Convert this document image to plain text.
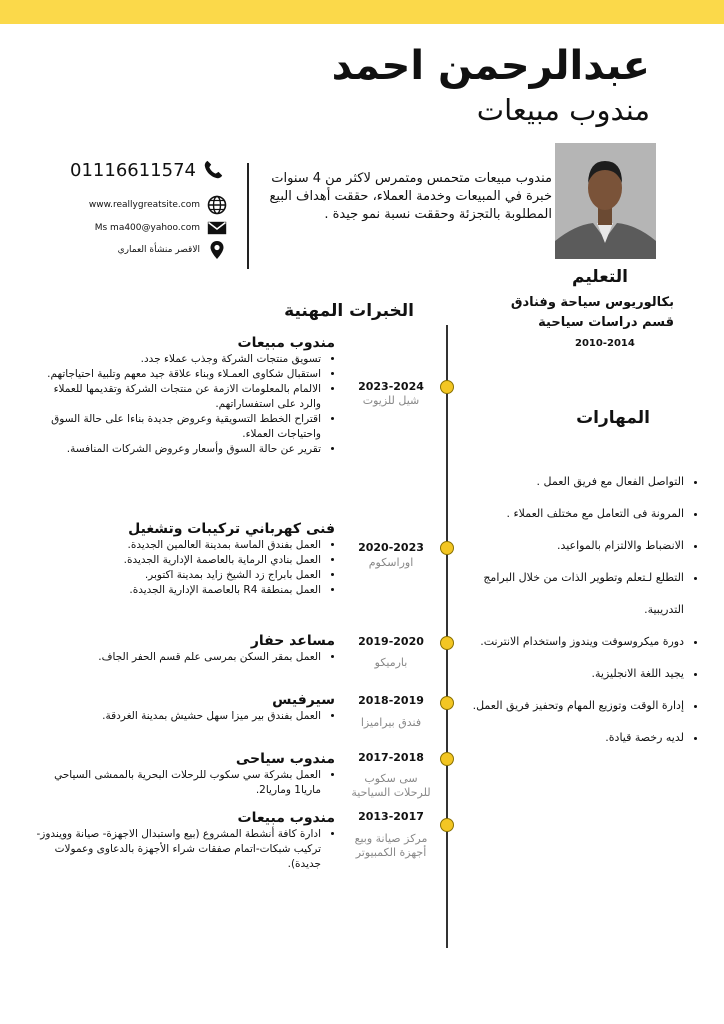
عبدالرحمن احمد
مندوب مبيعات
مندوب مبيعات متحمس ومتمرس لاكثر من 4 سنوات خبرة في المبيعات وخدمة العملاء، حققت أهداف البيع المطلوبة بالتجزئة وحققت نسبة نمو جيدة .
01116611574
www.reallygreatsite.com
Ms ma400@yahoo.com
الاقصر منشأة العماري
التعليم
بكالوريوس سياحة وفنادق
قسم دراسات سياحية
2010-2014
الخبرات المهنية
2023-2024
شيل للزيوت
مندوب مبيعات
• تسويق منتجات الشركة وجذب عملاء جدد.
• استقبال شكاوى العمـلاء وبناء علاقة جيد معهم وتلبية احتياجاتهم.
• الالمام بالمعلومات الازمة عن منتجات الشركة وتقديمها للعملاء والرد على استفساراتهم.
• اقتراح الخطط التسويقية وعروض جديدة بناءا على حالة السوق واحتياجات العملاء.
• تقرير عن حالة السوق وأسعار وعروض الشركات المنافسة.
2020-2023
اوراسكوم
فنى كهرباني تركيبات وتشغيل
• العمل بفندق الماسة بمدينة العالمين الجديدة.
• العمل بنادي الرماية بالعاصمة الإدارية الجديدة.
• العمل بابراج زد الشيخ زايد بمدينة اكتوبر.
• العمل بمنطقة R4 بالعاصمة الإدارية الجديدة.
2019-2020
بارميكو
مساعد حفار
• العمل بمقر السكن بمرسى علم قسم الحفر الجاف.
2018-2019
فندق بيراميزا
سيرفيس
• العمل بفندق بير ميزا سهل حشيش بمدينة الغردقة.
2017-2018
سى سكوب للرحلات السياحية
مندوب سياحى
• العمل بشركة سي سكوب للرحلات البحرية بالممشى السياحي ماريا1 وماريا2.
2013-2017
مركز صيانة وبيع أجهزة الكمبيوتر
مندوب مبيعات
• ادارة كافة أنشطة المشروع (بيع واستبدال الاجهزة- صيانة وويندوز-تركيب شبكات-اتمام صفقات شراء الأجهزة بالدعاوى وعمولات جديدة).
المهارات
• التواصل الفعال مع فريق العمل .
• المرونة فى التعامل مع مختلف العملاء .
• الانضباط والالتزام بالمواعيد.
• التطلع لـتعلم وتطوير الذات من خلال البرامج التدريبية.
• دورة ميكروسوفت ويندوز واستخدام الانترنت.
• يجيد اللغة الانجليزية.
• إدارة الوقت وتوزيع المهام وتحفيز فريق العمل.
• لديه رخصة قيادة.
